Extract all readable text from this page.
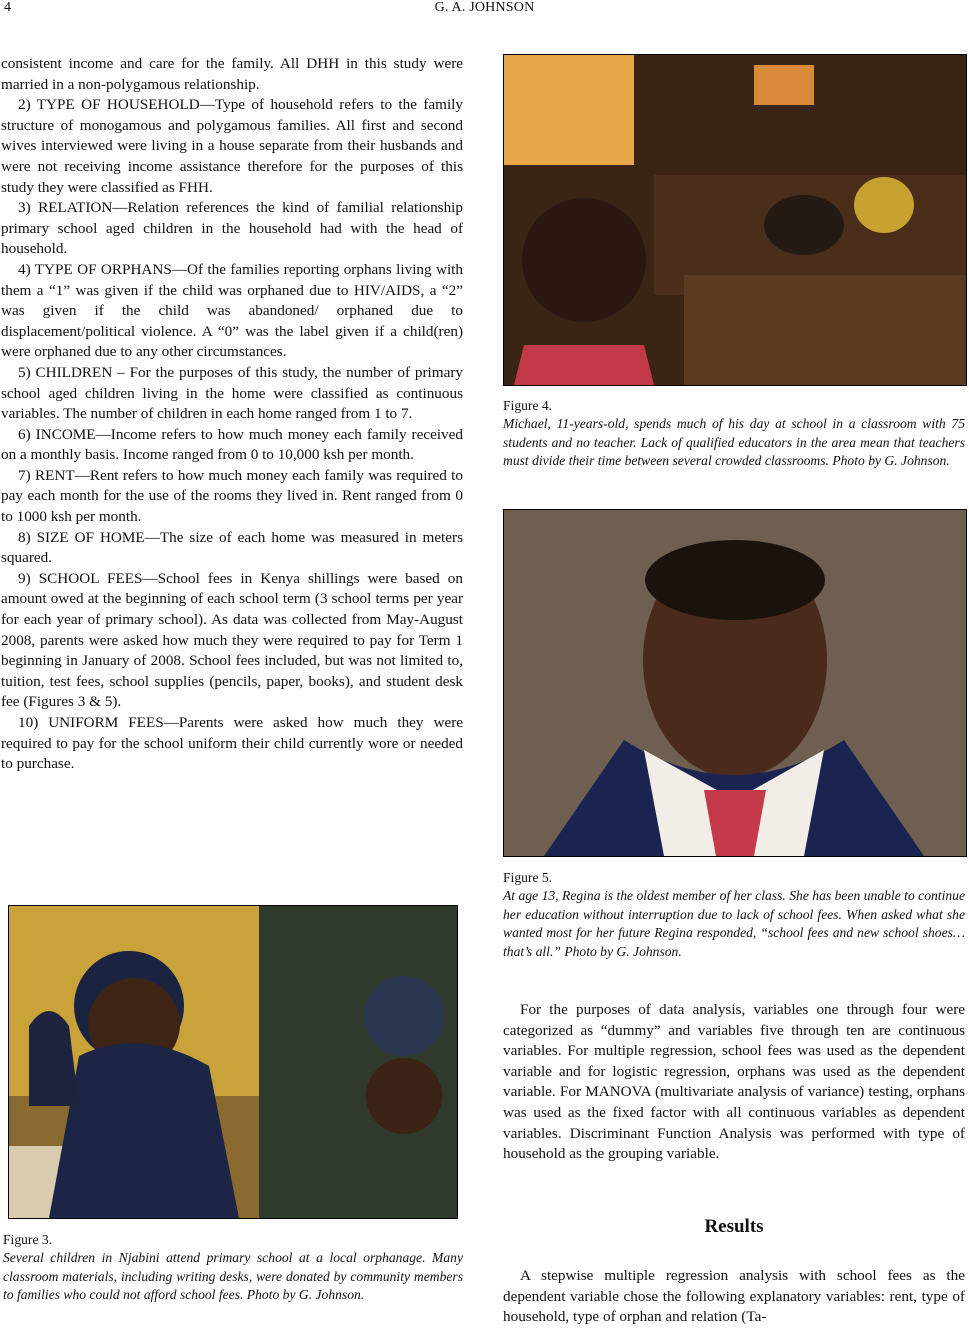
4	G. A. JOHNSON

consistent income and care for the family. All DHH in this study were married in a non-polygamous relationship.

2) TYPE OF HOUSEHOLD—Type of household refers to the family structure of monogamous and polygamous families. All first and second wives interviewed were living in a house separate from their husbands and were not receiving income assistance therefore for the purposes of this study they were classified as FHH.

3) RELATION—Relation references the kind of familial relationship primary school aged children in the household had with the head of household.

4) TYPE OF ORPHANS—Of the families reporting orphans living with them a “1” was given if the child was orphaned due to HIV/AIDS, a “2” was given if the child was abandoned/ orphaned due to displacement/political violence. A “0” was the label given if a child(ren) were orphaned due to any other circumstances.

5) CHILDREN – For the purposes of this study, the number of primary school aged children living in the home were classified as continuous variables. The number of children in each home ranged from 1 to 7.

6) INCOME—Income refers to how much money each family received on a monthly basis. Income ranged from 0 to 10,000 ksh per month.

7) RENT—Rent refers to how much money each family was required to pay each month for the use of the rooms they lived in. Rent ranged from 0 to 1000 ksh per month.

8) SIZE OF HOME—The size of each home was measured in meters squared.

9) SCHOOL FEES—School fees in Kenya shillings were based on amount owed at the beginning of each school term (3 school terms per year for each year of primary school). As data was collected from May-August 2008, parents were asked how much they were required to pay for Term 1 beginning in January of 2008. School fees included, but was not limited to, tuition, test fees, school supplies (pencils, paper, books), and student desk fee (Figures 3 & 5).

10) UNIFORM FEES—Parents were asked how much they were required to pay for the school uniform their child currently wore or needed to purchase.

Figure 3.
Several children in Njabini attend primary school at a local orphanage. Many classroom materials, including writing desks, were donated by community members to families who could not afford school fees. Photo by G. Johnson.
Figure 4.
Michael, 11-years-old, spends much of his day at school in a classroom with 75 students and no teacher. Lack of qualified educators in the area mean that teachers must divide their time between several crowded classrooms. Photo by G. Johnson.
Figure 5.
At age 13, Regina is the oldest member of her class. She has been unable to continue her education without interruption due to lack of school fees. When asked what she wanted most for her future Regina responded, “school fees and new school shoes…that’s all.” Photo by G. Johnson.

For the purposes of data analysis, variables one through four were categorized as “dummy” and variables five through ten are continuous variables. For multiple regression, school fees was used as the dependent variable and for logistic regression, orphans was used as the dependent variable. For MANOVA (multivariate analysis of variance) testing, orphans was used as the fixed factor with all continuous variables as dependent variables. Discriminant Function Analysis was performed with type of household as the grouping variable.

Results

A stepwise multiple regression analysis with school fees as the dependent variable chose the following explanatory variables: rent, type of household, type of orphan and relation (Ta-
